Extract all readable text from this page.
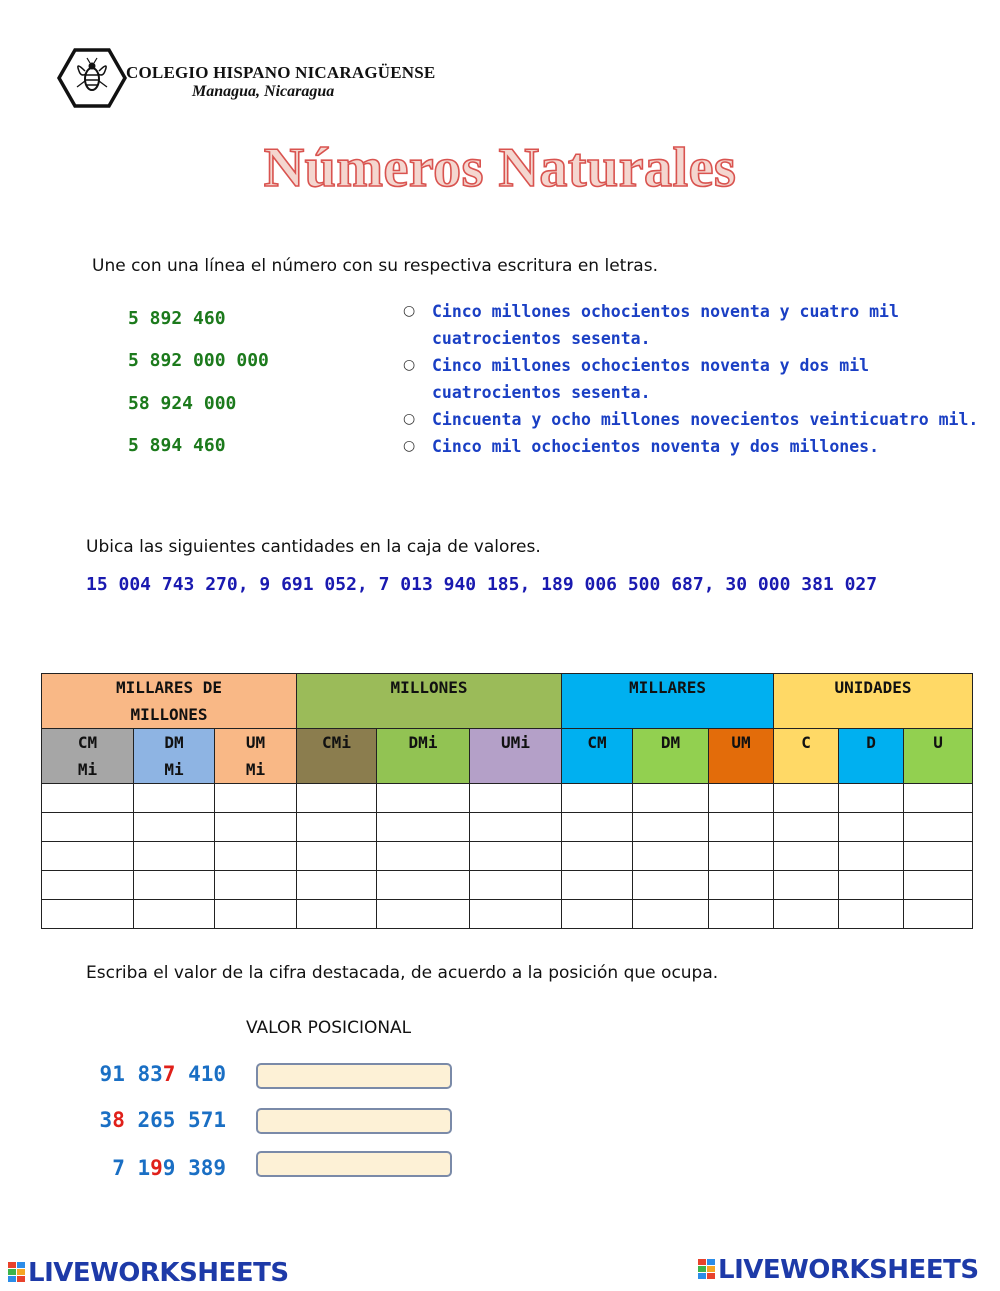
COLEGIO HISPANO NICARAGÜENSE
Managua, Nicaragua
Números Naturales
Une con una línea el número con su respectiva escritura en letras.
5 892 460
5 892 000 000
58 924 000
5 894 460
○ Cinco millones ochocientos noventa y cuatro mil cuatrocientos sesenta.
○ Cinco millones ochocientos noventa y dos mil cuatrocientos sesenta.
○ Cincuenta y ocho millones novecientos veinticuatro mil.
○ Cinco mil ochocientos noventa y dos millones.
Ubica las siguientes cantidades en la caja de valores.
15 004 743 270, 9 691 052, 7 013 940 185, 189 006 500 687, 30 000 381 027
MILLARES DE MILLONES			MILLONES			MILLARES			UNIDADES		
CM Mi	DM Mi	UM Mi	CMi	DMi	UMi	CM	DM	UM	C	D	U

Escriba el valor de la cifra destacada, de acuerdo a la posición que ocupa.
VALOR POSICIONAL
91 837 410
38 265 571
7 199 389
LIVEWORKSHEETS	LIVEWORKSHEETS
